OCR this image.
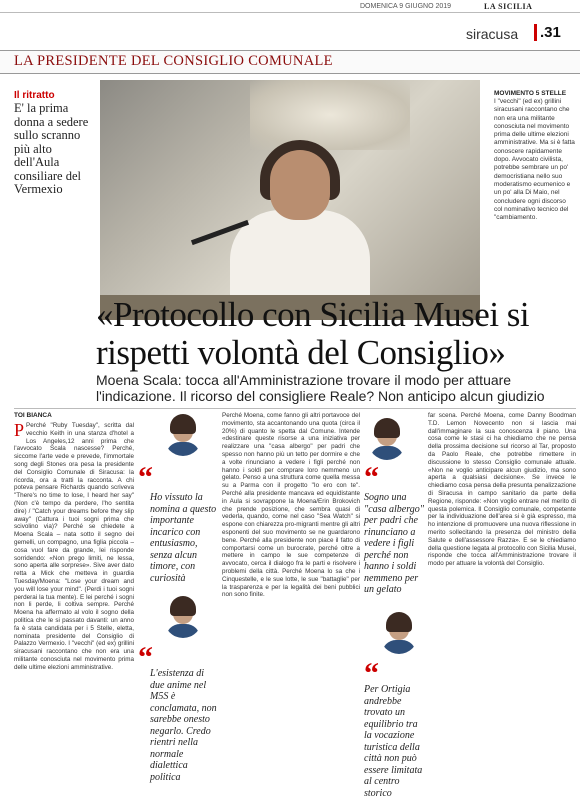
DOMENICA 9 GIUGNO 2019	LA SICILIA
siracusa	.31
LA PRESIDENTE DEL CONSIGLIO COMUNALE
Il ritratto
E' la prima donna a sedere sullo scranno più alto dell'Aula consiliare del Vermexio
MOVIMENTO 5 STELLE
I "vecchi" (ed ex) grillini siracusani raccontano che non era una militante conosciuta nel movimento prima delle ultime elezioni amministrative. Ma si è fatta conoscere rapidamente dopo. Avvocato civilista, potrebbe sembrare un po' democristiana nello suo moderatismo ecumenico e un po' alla Di Maio, nel concludere ogni discorso col nominativo tecnico del "cambiamento.
«Protocollo con Sicilia Musei si rispetti volontà del Consiglio»
Moena Scala: tocca all'Amministrazione trovare il modo per attuare l'indicazione. Il ricorso del consigliere Reale? Non anticipo alcun giudizio
TOI BIANCA
P Perché "Ruby Tuesday", scritta dal vecchio Keith in una stanza d'hotel a Los Angeles,12 anni prima che l'avvocato Scala nascesse? Perché, siccome l'arte vede e prevede, l'immortale song degli Stones ora pesa la presidente del Consiglio Comunale di Siracusa: la ricorda, ora a tratti la racconta. A chi poteva pensare Richards quando scriveva "There's no time to lose, I heard her say" (Non c'è tempo da perdere, l'ho sentita dire) / "Catch your dreams before they slip away" (Cattura i tuoi sogni prima che scivolino via)? Perché se chiedete a Moena Scala – nata sotto il segno dei gemelli, un compagno, una figlia piccola – cosa vuol fare da grande, lei risponde sorridendo: «Non prego limiti, ne lessa, sono aperta alle sorprese». Sive aver dato retta a Mick che metteva in guardia Tuesday/Moena: "Lose your dream and you will lose your mind". (Perdi i tuoi sogni perderai la tua mente). E lei perché i sogni non li perde, li coltiva sempre. Perché Moena ha affermato al volo il sogno della politica che le si passato davanti: un anno fa è stata candidata per i 5 Stelle, eletta, nominata presidente del Consiglio di Palazzo Vermexio. I "vecchi" (ed ex) grillini siracusani raccontano che non era una militante conosciuta nel movimento prima delle ultime elezioni amministrative.
“
Ho vissuto la nomina a questo importante incarico con entusiasmo, senza alcun timore, con curiosità
“
L'esistenza di due anime nel M5S è conclamata, non sarebbe onesto negarlo. Credo rientri nella normale dialettica politica
Perché Moena, come fanno gli altri portavoce del movimento, sta accantonando una quota (circa il 20%) di quanto le spetta dal Comune. Intende «destinare queste risorse a una iniziativa per realizzare una "casa albergo" per padri che spesso non hanno più un tetto per dormire e che a volte rinunciano a vedere i figli perché non hanno i soldi per comprare loro nemmeno un gelato. Penso a una struttura come quella messa su a Parma con il progetto "Io ero con te". Perché alla presidente mancava ed equidistante in Aula si sovrappone la Moena/Erin Brokovich che prende posizione, che sembra quasi di vederla, quando, come nel caso "Sea Watch" si espone con chiarezza pro-migranti mentre gli altri esponenti del suo movimento se ne guardarono bene. Perché alla presidente non piace il fatto di comportarsi come un burocrate, perché oltre a mettere in campo le sue competenze di avvocato, cerca il dialogo fra le parti e risolvere i problemi della città. Perché Moena lo sa che i Cinquestelle, e le sue lotte, le sue "battaglie" per la trasparenza e per la legalità dei beni pubblici non sono finite.
“
Sogno una "casa albergo" per padri che rinunciano a vedere i figli perché non hanno i soldi nemmeno per un gelato
“
Per Ortigia andrebbe trovato un equilibrio tra la vocazione turistica della città non può essere limitata al centro storico
far scena. Perché Moena, come Danny Boodman T.D. Lemon Novecento non si lascia mai dall'immaginare la sua conoscenza il piano. Una cosa come le stasi ci ha chiediamo che ne pensa della prossima decisione sul ricorso al Tar, proposto da Paolo Reale, che potrebbe rimettere in discussione lo stesso Consiglio comunale attuale. «Non ne voglio anticipare alcun giudizio, ma sono aperta a qualsiasi decisione». Se invece le chiediamo cosa pensa della presunta penalizzazione di Siracusa in campo sanitario da parte della Regione, risponde: «Non voglio entrare nel merito di questa polemica. Il Consiglio comunale, competente per la individuazione dell'area si è già espresso, ma ho intenzione di promuovere una nuova riflessione in merito sollecitando la presenza del ministro della Salute e dell'assessore Razza». E se le chiediamo della questione legata al protocollo con Sicilia Musei, risponde che tocca all'Amministrazione trovare il modo per attuare la volontà del Consiglio.
